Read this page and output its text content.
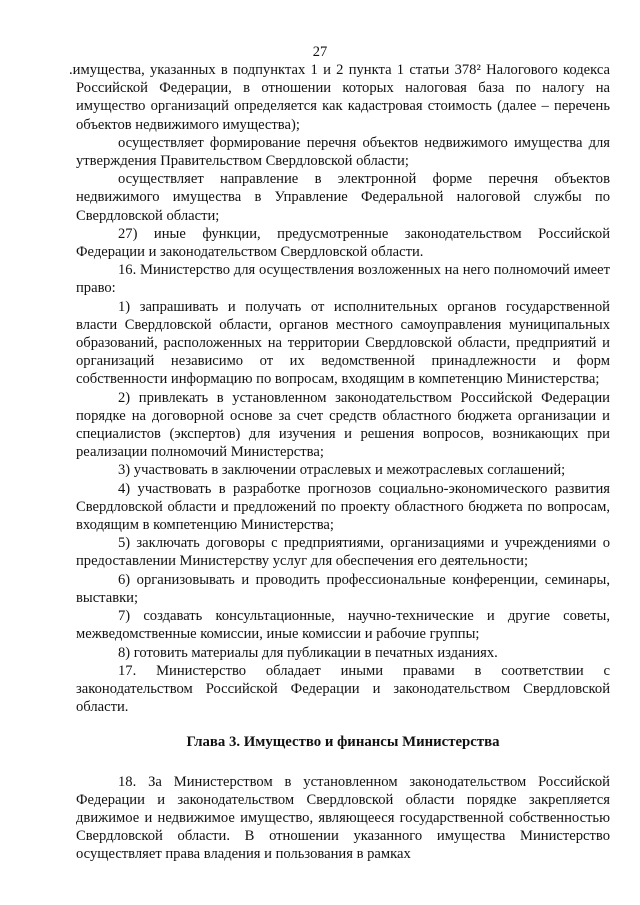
27

.имущества, указанных в подпунктах 1 и 2 пункта 1 статьи 378² Налогового кодекса Российской Федерации, в отношении которых налоговая база по налогу на имущество организаций определяется как кадастровая стоимость (далее – перечень объектов недвижимого имущества);

осуществляет формирование перечня объектов недвижимого имущества для утверждения Правительством Свердловской области;

осуществляет направление в электронной форме перечня объектов недвижимого имущества в Управление Федеральной налоговой службы по Свердловской области;

27) иные функции, предусмотренные законодательством Российской Федерации и законодательством Свердловской области.

16. Министерство для осуществления возложенных на него полномочий имеет право:

1) запрашивать и получать от исполнительных органов государственной власти Свердловской области, органов местного самоуправления муниципальных образований, расположенных на территории Свердловской области, предприятий и организаций независимо от их ведомственной принадлежности и форм собственности информацию по вопросам, входящим в компетенцию Министерства;

2) привлекать в установленном законодательством Российской Федерации порядке на договорной основе за счет средств областного бюджета организации и специалистов (экспертов) для изучения и решения вопросов, возникающих при реализации полномочий Министерства;

3) участвовать в заключении отраслевых и межотраслевых соглашений;

4) участвовать в разработке прогнозов социально-экономического развития Свердловской области и предложений по проекту областного бюджета по вопросам, входящим в компетенцию Министерства;

5) заключать договоры с предприятиями, организациями и учреждениями о предоставлении Министерству услуг для обеспечения его деятельности;

6) организовывать и проводить профессиональные конференции, семинары, выставки;

7) создавать консультационные, научно-технические и другие советы, межведомственные комиссии, иные комиссии и рабочие группы;

8) готовить материалы для публикации в печатных изданиях.

17. Министерство обладает иными правами в соответствии с законодательством Российской Федерации и законодательством Свердловской области.

Глава 3. Имущество и финансы Министерства

18. За Министерством в установленном законодательством Российской Федерации и законодательством Свердловской области порядке закрепляется движимое и недвижимое имущество, являющееся государственной собственностью Свердловской области. В отношении указанного имущества Министерство осуществляет права владения и пользования в рамках
